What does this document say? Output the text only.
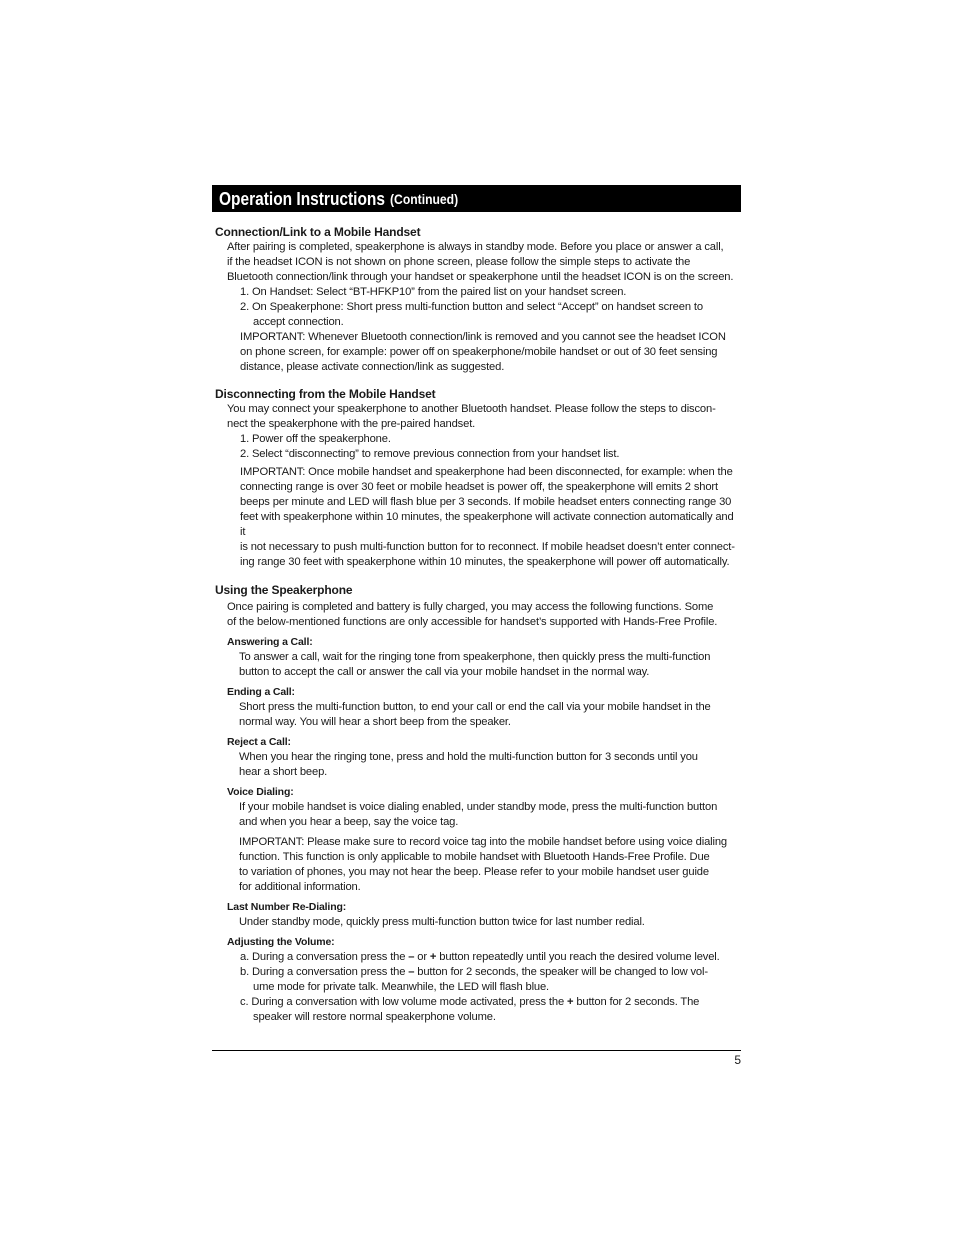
Operation Instructions (Continued)
Connection/Link to a Mobile Handset
After pairing is completed, speakerphone is always in standby mode. Before you place or answer a call,
if the headset ICON is not shown on phone screen, please follow the simple steps to activate the
Bluetooth connection/link through your handset or speakerphone until the headset ICON is on the screen.
1. On Handset: Select “BT-HFKP10” from the paired list on your handset screen.
2. On Speakerphone: Short press multi-function button and select “Accept” on handset screen to
accept connection.
IMPORTANT: Whenever Bluetooth connection/link is removed and you cannot see the headset ICON
on phone screen, for example: power off on speakerphone/mobile handset or out of 30 feet sensing
distance, please activate connection/link as suggested.
Disconnecting from the Mobile Handset
You may connect your speakerphone to another Bluetooth handset. Please follow the steps to discon-
nect the speakerphone with the pre-paired handset.
1. Power off the speakerphone.
2. Select “disconnecting” to remove previous connection from your handset list.
IMPORTANT: Once mobile handset and speakerphone had been disconnected, for example: when the
connecting range is over 30 feet or mobile headset is power off, the speakerphone will emits 2 short
beeps per minute and LED will flash blue per 3 seconds. If mobile headset enters connecting range 30
feet with speakerphone within 10 minutes, the speakerphone will activate connection automatically and it
is not necessary to push multi-function button for to reconnect. If mobile headset doesn’t enter connect-
ing range 30 feet with speakerphone within 10 minutes, the speakerphone will power off automatically.
Using the Speakerphone
Once pairing is completed and battery is fully charged, you may access the following functions. Some
of the below-mentioned functions are only accessible for handset’s supported with Hands-Free Profile.
Answering a Call:
To answer a call, wait for the ringing tone from speakerphone, then quickly press the multi-function
button to accept the call or answer the call via your mobile handset in the normal way.
Ending a Call:
Short press the multi-function button, to end your call or end the call via your mobile handset in the
normal way. You will hear a short beep from the speaker.
Reject a Call:
When you hear the ringing tone, press and hold the multi-function button for 3 seconds until you
hear a short beep.
Voice Dialing:
If your mobile handset is voice dialing enabled, under standby mode, press the multi-function button
and when you hear a beep, say the voice tag.
IMPORTANT: Please make sure to record voice tag into the mobile handset before using voice dialing
function. This function is only applicable to mobile handset with Bluetooth Hands-Free Profile. Due
to variation of phones, you may not hear the beep. Please refer to your mobile handset user guide
for additional information.
Last Number Re-Dialing:
Under standby mode, quickly press multi-function button twice for last number redial.
Adjusting the Volume:
a. During a conversation press the – or + button repeatedly until you reach the desired volume level.
b. During a conversation press the – button for 2 seconds, the speaker will be changed to low vol-
ume mode for private talk. Meanwhile, the LED will flash blue.
c. During a conversation with low volume mode activated, press the + button for 2 seconds. The
speaker will restore normal speakerphone volume.
5
